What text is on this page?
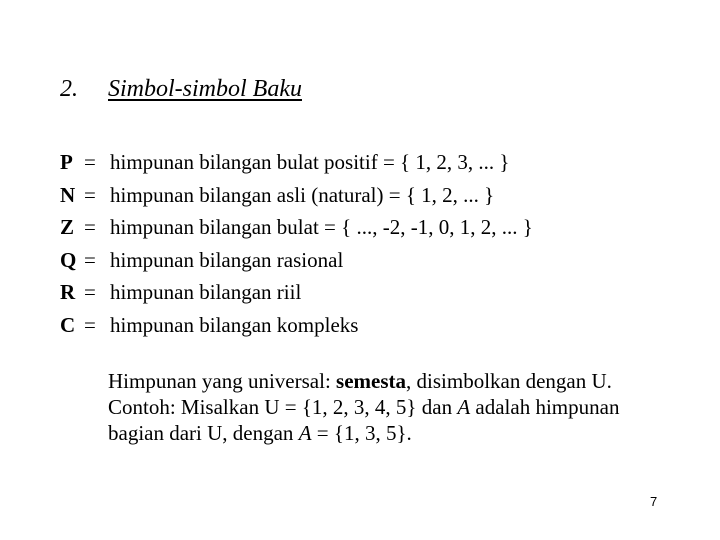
2. Simbol-simbol Baku
P = himpunan bilangan bulat positif = { 1, 2, 3, ... }
N = himpunan bilangan asli (natural) = { 1, 2, ... }
Z = himpunan bilangan bulat = { ..., -2, -1, 0, 1, 2, ... }
Q = himpunan bilangan rasional
R = himpunan bilangan riil
C = himpunan bilangan kompleks

Himpunan yang universal: semesta, disimbolkan dengan U.

Contoh: Misalkan U = {1, 2, 3, 4, 5} dan A adalah himpunan bagian dari U, dengan A = {1, 3, 5}.

7
